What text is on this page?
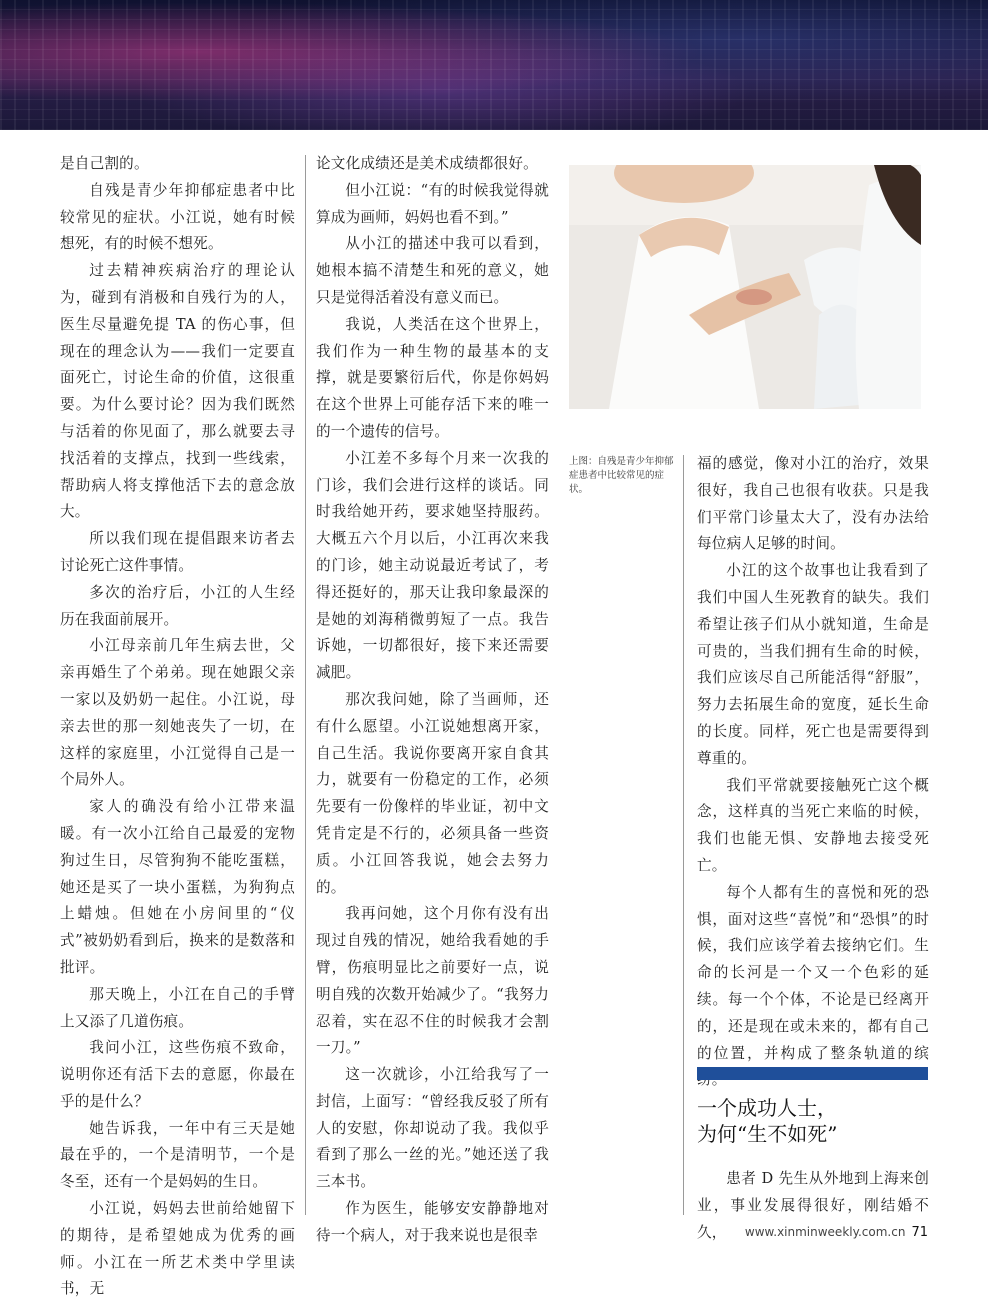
是自己割的。

自残是青少年抑郁症患者中比较常见的症状。小江说，她有时候想死，有的时候不想死。

过去精神疾病治疗的理论认为，碰到有消极和自残行为的人，医生尽量避免提 TA 的伤心事，但现在的理念认为——我们一定要直面死亡，讨论生命的价值，这很重要。为什么要讨论？因为我们既然与活着的你见面了，那么就要去寻找活着的支撑点，找到一些线索，帮助病人将支撑他活下去的意念放大。

所以我们现在提倡跟来访者去讨论死亡这件事情。

多次的治疗后，小江的人生经历在我面前展开。

小江母亲前几年生病去世，父亲再婚生了个弟弟。现在她跟父亲一家以及奶奶一起住。小江说，母亲去世的那一刻她丧失了一切，在这样的家庭里，小江觉得自己是一个局外人。

家人的确没有给小江带来温暖。有一次小江给自己最爱的宠物狗过生日，尽管狗狗不能吃蛋糕，她还是买了一块小蛋糕，为狗狗点上蜡烛。但她在小房间里的“仪式”被奶奶看到后，换来的是数落和批评。

那天晚上，小江在自己的手臂上又添了几道伤痕。

我问小江，这些伤痕不致命，说明你还有活下去的意愿，你最在乎的是什么？

她告诉我，一年中有三天是她最在乎的，一个是清明节，一个是冬至，还有一个是妈妈的生日。

小江说，妈妈去世前给她留下的期待，是希望她成为优秀的画师。小江在一所艺术类中学里读书，无

论文化成绩还是美术成绩都很好。

但小江说：“有的时候我觉得就算成为画师，妈妈也看不到。”

从小江的描述中我可以看到，她根本搞不清楚生和死的意义，她只是觉得活着没有意义而已。

我说，人类活在这个世界上，我们作为一种生物的最基本的支撑，就是要繁衍后代，你是你妈妈在这个世界上可能存活下来的唯一的一个遗传的信号。

小江差不多每个月来一次我的门诊，我们会进行这样的谈话。同时我给她开药，要求她坚持服药。大概五六个月以后，小江再次来我的门诊，她主动说最近考试了，考得还挺好的，那天让我印象最深的是她的刘海稍微剪短了一点。我告诉她，一切都很好，接下来还需要减肥。

那次我问她，除了当画师，还有什么愿望。小江说她想离开家，自己生活。我说你要离开家自食其力，就要有一份稳定的工作，必须先要有一份像样的毕业证，初中文凭肯定是不行的，必须具备一些资质。小江回答我说，她会去努力的。

我再问她，这个月你有没有出现过自残的情况，她给我看她的手臂，伤痕明显比之前要好一点，说明自残的次数开始减少了。“我努力忍着，实在忍不住的时候我才会割一刀。”

这一次就诊，小江给我写了一封信，上面写：“曾经我反驳了所有人的安慰，你却说动了我。我似乎看到了那么一丝的光。”她还送了我三本书。

作为医生，能够安安静静地对待一个病人，对于我来说也是很幸

上图：自残是青少年抑郁症患者中比较常见的症状。

福的感觉，像对小江的治疗，效果很好，我自己也很有收获。只是我们平常门诊量太大了，没有办法给每位病人足够的时间。

小江的这个故事也让我看到了我们中国人生死教育的缺失。我们希望让孩子们从小就知道，生命是可贵的，当我们拥有生命的时候，我们应该尽自己所能活得“舒服”，努力去拓展生命的宽度，延长生命的长度。同样，死亡也是需要得到尊重的。

我们平常就要接触死亡这个概念，这样真的当死亡来临的时候，我们也能无惧、安静地去接受死亡。

每个人都有生的喜悦和死的恐惧，面对这些“喜悦”和“恐惧”的时候，我们应该学着去接纳它们。生命的长河是一个又一个色彩的延续。每一个个体，不论是已经离开的，还是现在或未来的，都有自己的位置，并构成了整条轨道的缤

一个成功人士，
为何“生不如死”

患者 D 先生从外地到上海来创业，事业发展得很好，刚结婚不久，	www.xinminweekly.com.cn 71
